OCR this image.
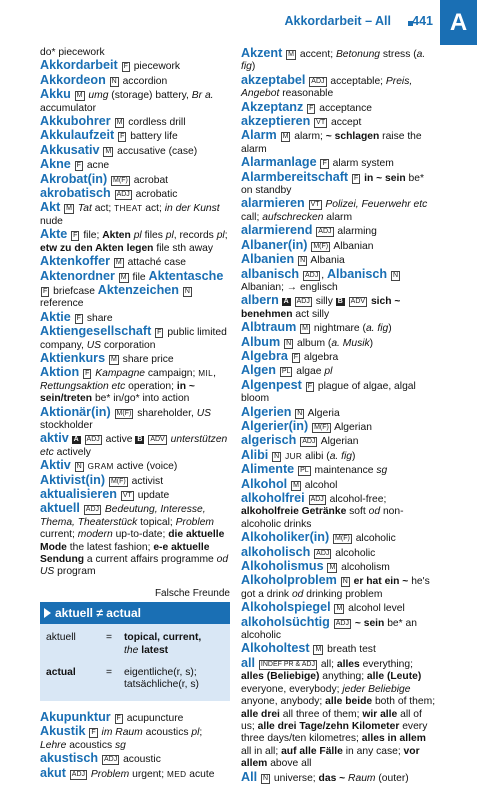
Akkordarbeit – All 441 A
do* piecework
Akkordarbeit F piecework
Akkordeon N accordion
Akku M umg (storage) battery, Br a. accumulator
Akkubohrer M cordless drill Akkulaufzeit F battery life
Akkusativ M accusative (case)
Akne F acne
Akrobat(in) M(F) acrobat
akrobatisch ADJ acrobatic
Akt M Tat act; THEAT act; in der Kunst nude
Akte F file; Akten pl files pl, records pl; etw zu den Akten legen file sth away
Aktenkoffer M attaché case Aktenordner M file Aktentasche F briefcase Aktenzeichen N reference
Aktie F share
Aktiengesellschaft F public limited company, US corporation
Aktienkurs M share price
Aktion F Kampagne campaign; MIL, Rettungsaktion etc operation; in ~ sein/treten be* in/go* into action
Aktionär(in) M(F) shareholder, US stockholder
aktiv A ADJ active B ADV unterstützen etc actively
Aktiv N GRAM active (voice)
Aktivist(in) M(F) activist
aktualisieren VT update
aktuell ADJ Bedeutung, Interesse, Thema, Theaterstück topical; Problem current; modern up-to-date; die aktuelle Mode the latest fashion; e-e aktuelle Sendung a current affairs programme od US program
Falsche Freunde
aktuell ≠ actual
aktuell	=	topical, current,
the latest
actual	=	eigentliche(r, s);
tatsächliche(r, s)
Akupunktur F acupuncture
Akustik F im Raum acoustics pl; Lehre acoustics sg
akustisch ADJ acoustic
akut ADJ Problem urgent; MED acute
Akzent M accent; Betonung stress (a. fig)
akzeptabel ADJ acceptable; Preis, Angebot reasonable
Akzeptanz F acceptance
akzeptieren VT accept
Alarm M alarm; ~ schlagen raise the alarm
Alarmanlage F alarm system
Alarmbereitschaft F in ~ sein be* on standby
alarmieren VT Polizei, Feuerwehr etc call; aufschrecken alarm
alarmierend ADJ alarming
Albaner(in) M(F) Albanian
Albanien N Albania
albanisch ADJ , Albanisch N Albanian; → englisch
albern A ADJ silly B ADV sich ~ benehmen act silly
Albtraum M nightmare (a. fig)
Album N album (a. Musik)
Algebra F algebra
Algen PL algae pl
Algenpest F plague of algae, algal bloom
Algerien N Algeria
Algerier(in) M(F) Algerian
algerisch ADJ Algerian
Alibi N JUR alibi (a. fig)
Alimente PL maintenance sg
Alkohol M alcohol
alkoholfrei ADJ alcohol-free; alkoholfreie Getränke soft od non-alcoholic drinks
Alkoholiker(in) M(F) alcoholic
alkoholisch ADJ alcoholic
Alkoholismus M alcoholism
Alkoholproblem N er hat ein ~ he's got a drink od drinking problem Alkoholspiegel M alcohol level
alkoholsüchtig ADJ ~ sein be* an alcoholic
Alkoholtest M breath test
all INDEF PR & ADJ all; alles everything; alles (Beliebige) anything; alle (Leute) everyone, everybody; jeder Beliebige anyone, anybody; alle beide both of them; alle drei all three of them; wir alle all of us; alle drei Tage/zehn Kilometer every three days/ten kilometres; alles in allem all in all; auf alle Fälle in any case; vor allem above all
All N universe; das ~ Raum (outer)
